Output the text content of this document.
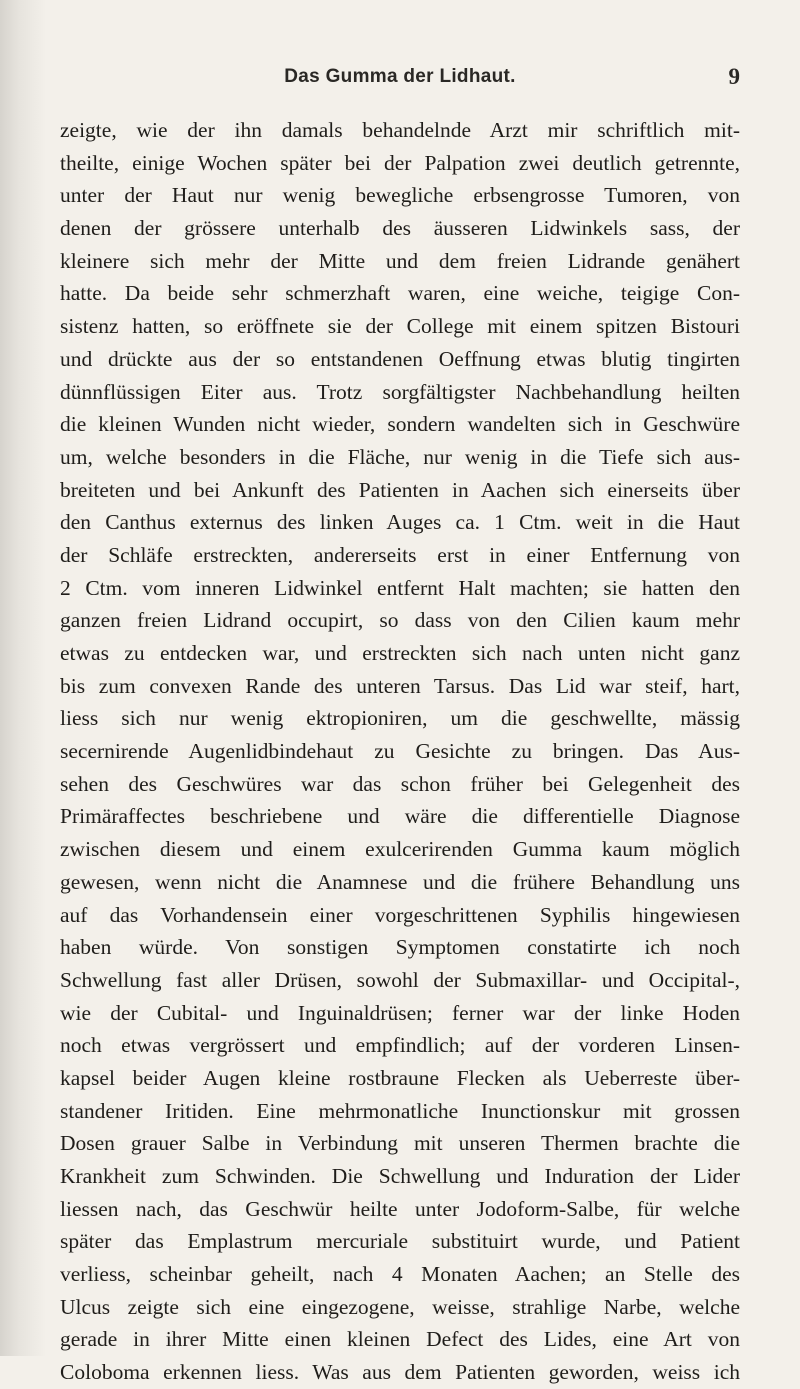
Das Gumma der Lidhaut.	9
zeigte, wie der ihn damals behandelnde Arzt mir schriftlich mit-
theilte, einige Wochen später bei der Palpation zwei deutlich getrennte,
unter der Haut nur wenig bewegliche erbsengrosse Tumoren, von
denen der grössere unterhalb des äusseren Lidwinkels sass, der
kleinere sich mehr der Mitte und dem freien Lidrande genähert
hatte. Da beide sehr schmerzhaft waren, eine weiche, teigige Con-
sistenz hatten, so eröffnete sie der College mit einem spitzen Bistouri
und drückte aus der so entstandenen Oeffnung etwas blutig tingirten
dünnflüssigen Eiter aus. Trotz sorgfältigster Nachbehandlung heilten
die kleinen Wunden nicht wieder, sondern wandelten sich in Geschwüre
um, welche besonders in die Fläche, nur wenig in die Tiefe sich aus-
breiteten und bei Ankunft des Patienten in Aachen sich einerseits über
den Canthus externus des linken Auges ca. 1 Ctm. weit in die Haut
der Schläfe erstreckten, andererseits erst in einer Entfernung von
2 Ctm. vom inneren Lidwinkel entfernt Halt machten; sie hatten den
ganzen freien Lidrand occupirt, so dass von den Cilien kaum mehr
etwas zu entdecken war, und erstreckten sich nach unten nicht ganz
bis zum convexen Rande des unteren Tarsus. Das Lid war steif, hart,
liess sich nur wenig ektropioniren, um die geschwellte, mässig
secernirende Augenlidbindehaut zu Gesichte zu bringen. Das Aus-
sehen des Geschwüres war das schon früher bei Gelegenheit des
Primäraffectes beschriebene und wäre die differentielle Diagnose
zwischen diesem und einem exulcerirenden Gumma kaum möglich
gewesen, wenn nicht die Anamnese und die frühere Behandlung uns
auf das Vorhandensein einer vorgeschrittenen Syphilis hingewiesen
haben würde. Von sonstigen Symptomen constatirte ich noch
Schwellung fast aller Drüsen, sowohl der Submaxillar- und Occipital-,
wie der Cubital- und Inguinaldrüsen; ferner war der linke Hoden
noch etwas vergrössert und empfindlich; auf der vorderen Linsen-
kapsel beider Augen kleine rostbraune Flecken als Ueberreste über-
standener Iritiden. Eine mehrmonatliche Inunctionskur mit grossen
Dosen grauer Salbe in Verbindung mit unseren Thermen brachte die
Krankheit zum Schwinden. Die Schwellung und Induration der Lider
liessen nach, das Geschwür heilte unter Jodoform-Salbe, für welche
später das Emplastrum mercuriale substituirt wurde, und Patient
verliess, scheinbar geheilt, nach 4 Monaten Aachen; an Stelle des
Ulcus zeigte sich eine eingezogene, weisse, strahlige Narbe, welche
gerade in ihrer Mitte einen kleinen Defect des Lides, eine Art von
Coloboma erkennen liess. Was aus dem Patienten geworden, weiss ich
